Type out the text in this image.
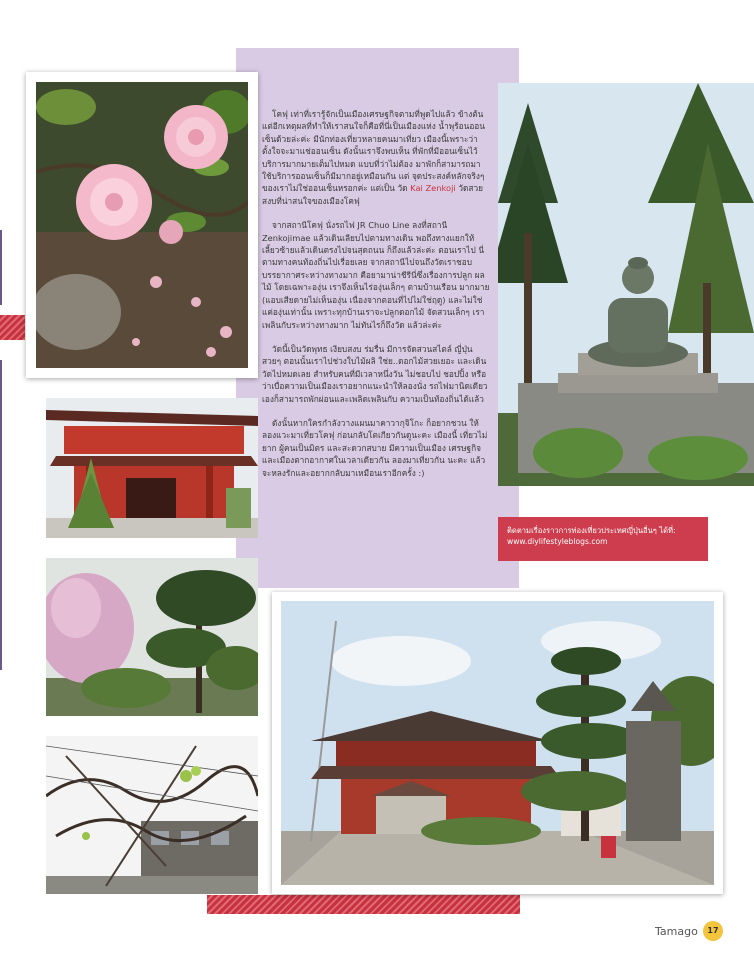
โคฟุ เท่าที่เรารู้จักเป็นเมืองเศรษฐกิจตามที่พูดไปแล้ว ข้างต้น แต่อีกเหตุผลที่ทำให้เราสนใจก็คือที่นี่เป็นเมืองแห่ง น้ำพุร้อนออนเซ็นด้วยล่ะค่ะ มีนักท่องเที่ยวหลายคนมาเที่ยว เมืองนี้เพราะว่าตั้งใจจะมาแช่ออนเซ็น ดังนั้นเราจึงพบเห็น ที่พักที่มีออนเซ็นไว้บริการมากมายเต็มไปหมด แบบที่ว่าไม่ต้อง มาพักก็สามารถมาใช้บริการออนเซ็นก็มีมากอยู่เหมือนกัน แต่ จุดประสงค์หลักจริงๆ ของเราไม่ใช่ออนเซ็นหรอกค่ะ แต่เป็น วัด Kai Zenkoji วัดสวยสงบที่น่าสนใจของเมืองโคฟุ

จากสถานีโคฟุ นั่งรถไฟ JR Chuo Line ลงที่สถานี Zenkojimae แล้วเดินเลียบไปตามทางเดิน พอถึงทางแยกให้ เลี้ยวซ้ายแล้วเดินตรงไปจนสุดถนน ก็ถึงแล้วล่ะค่ะ ตอนเราไป นี่ตามทางคนท้องถิ่นไปเรื่อยเลย จากสถานีไปจนถึงวัดเราชอบ บรรยากาศระหว่างทางมาก คือยามาน่าชีรีนี่ซึ่งเรื่องการปลูก ผลไม้ โดยเฉพาะองุ่น เราจึงเห็นไร่องุ่นเล็กๆ ตามบ้านเรือน มากมาย (แอบเสียดายไม่เห็นองุ่น เนื่องจากตอนที่ไปไม่ใช่ฤดู) และไม่ใช่แค่องุ่นเท่านั้น เพราะทุกบ้านเราจะปลูกดอกไม้ จัดสวนเล็กๆ เราเพลินกับระหว่างทางมาก ไม่ทันไรก็ถึงวัด แล้วล่ะค่ะ

วัดนี้เป็นวัดพุทธ เงียบสงบ ร่มรื่น มีการจัดสวนสไตล์ ญี่ปุ่นสวยๆ ตอนนั้นเราไปช่วงใบไม้ผลิ ใช่ย..ดอกไม้สวยเยอะ และเดินวัดไปหมดเลย สำหรับคนที่มีเวลาหนึ่งวัน ไม่ชอบไป ชอปปิ้ง หรือว่าเบื่อความเป็นเมืองเราอยากแนะนำให้ลองนั่ง รถไฟมานิดเดียวเองก็สามารถพักผ่อนและเพลิดเพลินกับ ความเป็นท้องถิ่นได้แล้ว

ดังนั้นหากใครกำลังวางแผนมาคาวากุจิโกะ ก็อยากชวน ให้ลองแวะมาเที่ยวโคฟุ ก่อนกลับโตเกียวกันดูนะคะ เมืองนี้ เที่ยวไม่ยาก ผู้คนเป็นมิตร และสะดวกสบาย มีความเป็นเมือง เศรษฐกิจและเมืองตากอากาศในเวลาเดียวกัน ลองมาเที่ยวกัน นะคะ แล้วจะหลงรักและอยากกลับมาเหมือนเราอีกครั้ง :)

ติดตามเรื่องราวการท่องเที่ยวประเทศญี่ปุ่นอื่นๆ ได้ที่:
www.diylifestyleblogs.com
Tamago	17
